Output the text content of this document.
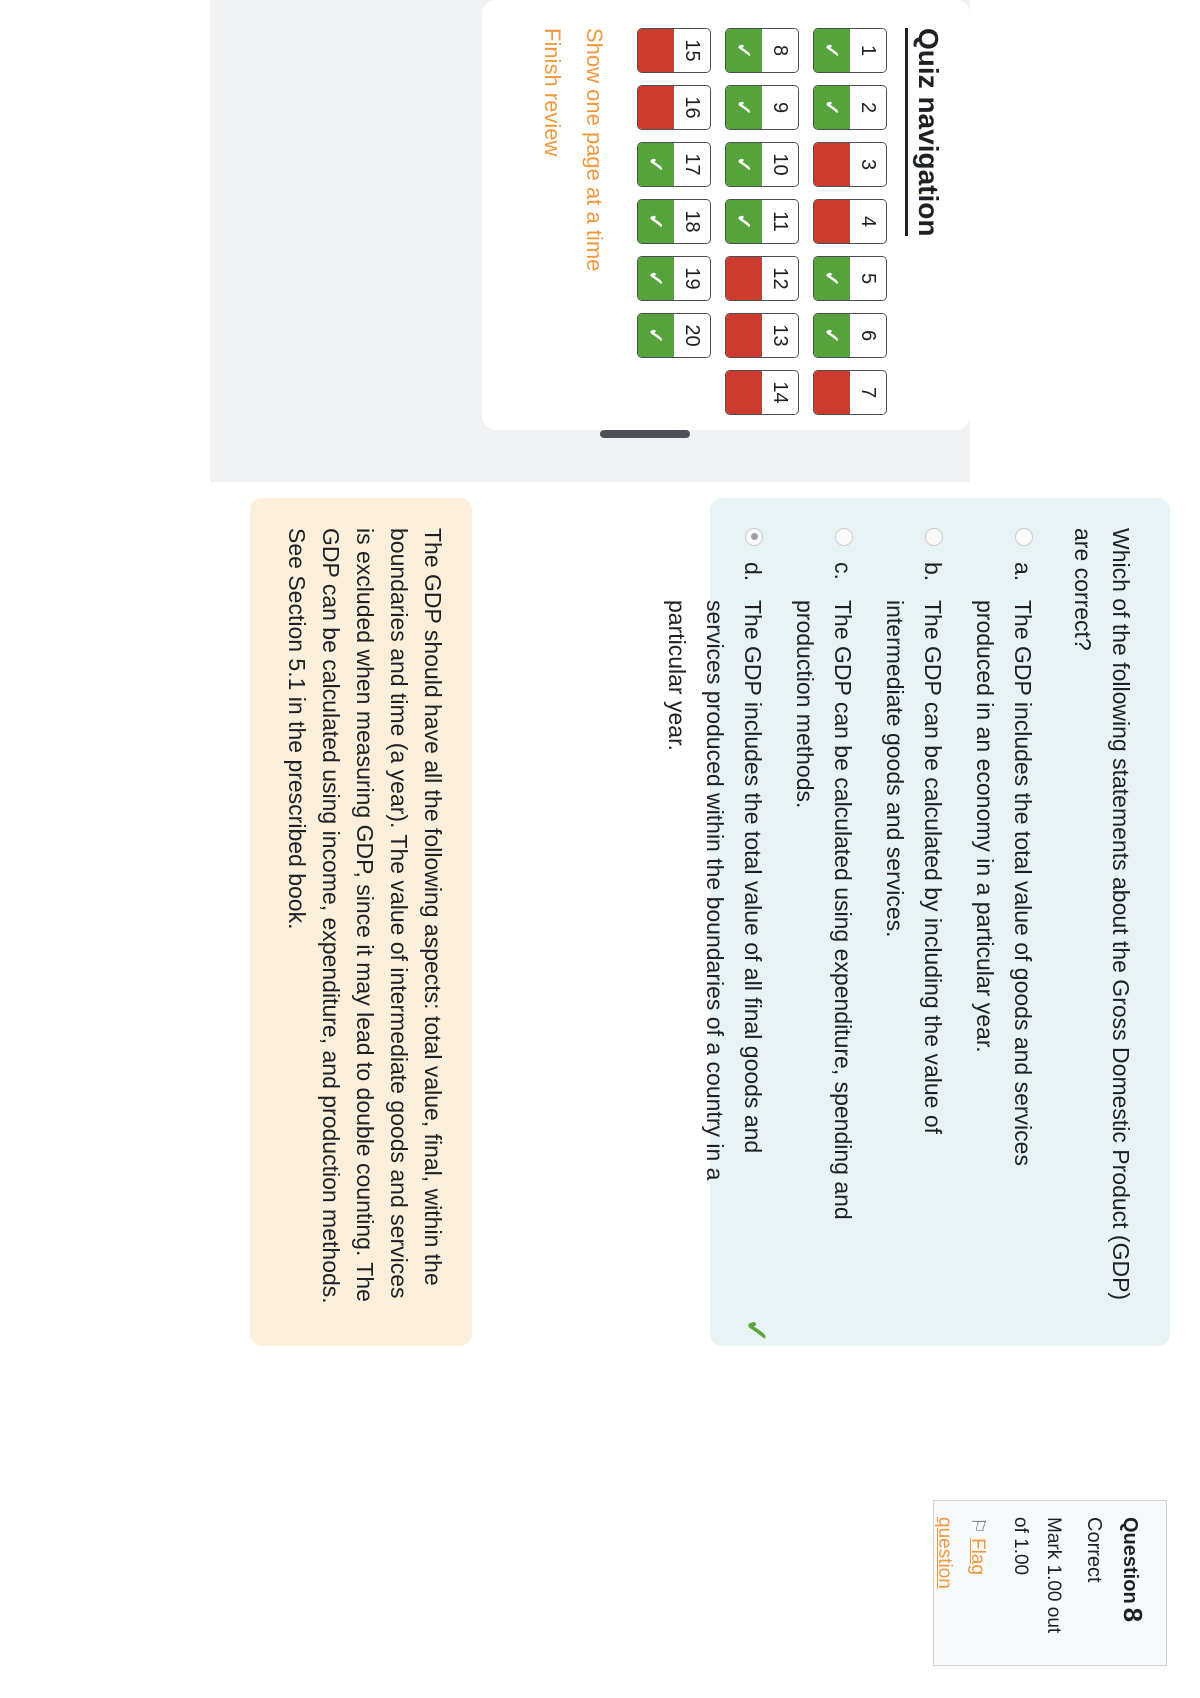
Question8
Correct
Mark 1.00 out of 1.00
⚐Flag question
Which of the following statements about the Gross Domestic Product (GDP) are correct?
a.
The GDP includes the total value of goods and services produced in an economy in a particular year.
b.
The GDP can be calculated by including the value of intermediate goods and services.
c.
The GDP can be calculated using expenditure, spending and production methods.
d.
The GDP includes the total value of all final goods and services produced within the boundaries of a country in a particular year.
✓
The GDP should have all the following aspects: total value, final, within the boundaries and time (a year). The value of intermediate goods and services is excluded when measuring GDP, since it may lead to double counting. The GDP can be calculated using income, expenditure, and production methods. See Section 5.1 in the prescribed book.
Quiz navigation
1
✓
2
✓
3
4
5
✓
6
✓
7
8
✓
9
✓
10
✓
11
✓
12
13
14
15
16
17
✓
18
✓
19
✓
20
✓
Show one page at a time
Finish review
